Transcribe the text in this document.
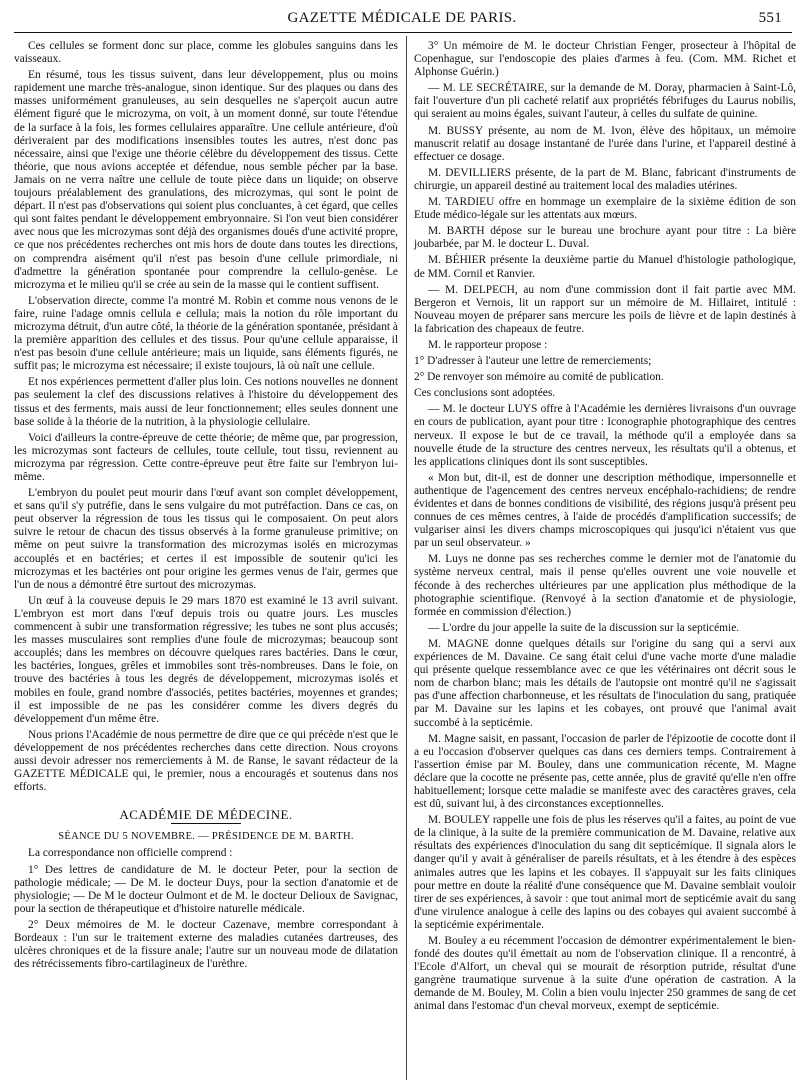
GAZETTE MÉDICALE DE PARIS.	551

Ces cellules se forment donc sur place, comme les globules sanguins dans les vaisseaux.

En résumé, tous les tissus suivent, dans leur développement, plus ou moins rapidement une marche très-analogue, sinon identique. Sur des plaques ou dans des masses uniformément granuleuses, au sein desquelles ne s'aperçoit aucun autre élément figuré que le microzyma, on voit, à un moment donné, sur toute l'étendue de la surface à la fois, les formes cellulaires apparaître. Une cellule antérieure, d'où dériveraient par des modifications insensibles toutes les autres, n'est donc pas nécessaire, ainsi que l'exige une théorie célèbre du développement des tissus. Cette théorie, que nous avions acceptée et défendue, nous semble pécher par la base. Jamais on ne verra naître une cellule de toute pièce dans un liquide; on observe toujours préalablement des granulations, des microzymas, qui sont le point de départ. Il n'est pas d'observations qui soient plus concluantes, à cet égard, que celles qui sont faites pendant le développement embryonnaire. Si l'on veut bien considérer avec nous que les microzymas sont déjà des organismes doués d'une activité propre, ce que nos précédentes recherches ont mis hors de doute dans toutes les directions, on comprendra aisément qu'il n'est pas besoin d'une cellule primordiale, ni d'admettre la génération spontanée pour comprendre la cellulo-genèse. Le microzyma et le milieu qu'il se crée au sein de la masse qui le contient suffisent.

L'observation directe, comme l'a montré M. Robin et comme nous venons de le faire, ruine l'adage omnis cellula e cellula; mais la notion du rôle important du microzyma détruit, d'un autre côté, la théorie de la génération spontanée, présidant à la première apparition des cellules et des tissus. Pour qu'une cellule apparaisse, il n'est pas besoin d'une cellule antérieure; mais un liquide, sans éléments figurés, ne suffit pas; le microzyma est nécessaire; il existe toujours, là où naît une cellule.

Et nos expériences permettent d'aller plus loin. Ces notions nouvelles ne donnent pas seulement la clef des discussions relatives à l'histoire du développement des tissus et des ferments, mais aussi de leur fonctionnement; elles seules donnent une base solide à la théorie de la nutrition, à la physiologie cellulaire.

Voici d'ailleurs la contre-épreuve de cette théorie; de même que, par progression, les microzymas sont facteurs de cellules, toute cellule, tout tissu, reviennent au microzyma par régression. Cette contre-épreuve peut être faite sur l'embryon lui-même.

L'embryon du poulet peut mourir dans l'œuf avant son complet développement, et sans qu'il s'y putréfie, dans le sens vulgaire du mot putréfaction. Dans ce cas, on peut observer la régression de tous les tissus qui le composaient. On peut alors suivre le retour de chacun des tissus observés à la forme granuleuse primitive; on même on peut suivre la transformation des microzymas isolés en microzymas accouplés et en bactéries; et certes il est impossible de soutenir qu'ici les microzymas et les bactéries ont pour origine les germes venus de l'air, germes que l'un de nous a démontré être surtout des microzymas.

Un œuf à la couveuse depuis le 29 mars 1870 est examiné le 13 avril suivant. L'embryon est mort dans l'œuf depuis trois ou quatre jours. Les muscles commencent à subir une transformation régressive; les tubes ne sont plus accusés; les masses musculaires sont remplies d'une foule de microzymas; beaucoup sont accouplés; dans les membres on découvre quelques rares bactéries. Dans le cœur, les bactéries, longues, grêles et immobiles sont très-nombreuses. Dans le foie, on trouve des bactéries à tous les degrés de développement, microzymas isolés et mobiles en foule, grand nombre d'associés, petites bactéries, moyennes et grandes; il est impossible de ne pas les considérer comme les divers degrés du développement d'un même être.

Nous prions l'Académie de nous permettre de dire que ce qui précède n'est que le développement de nos précédentes recherches dans cette direction. Nous croyons aussi devoir adresser nos remerciements à M. de Ranse, le savant rédacteur de la GAZETTE MÉDICALE qui, le premier, nous a encouragés et soutenus dans nos efforts.

ACADÉMIE DE MÉDECINE.
SÉANCE DU 5 NOVEMBRE. — PRÉSIDENCE DE M. BARTH.

La correspondance non officielle comprend :

1° Des lettres de candidature de M. le docteur Peter, pour la section de pathologie médicale; — De M. le docteur Duys, pour la section d'anatomie et de physiologie; — De M le docteur Oulmont et de M. le docteur Delioux de Savignac, pour la section de thérapeutique et d'histoire naturelle médicale.

2° Deux mémoires de M. le docteur Cazenave, membre correspondant à Bordeaux : l'un sur le traitement externe des maladies cutanées dartreuses, des ulcères chroniques et de la fissure anale; l'autre sur un nouveau mode de dilatation des rétrécissements fibro-cartilagineux de l'urèthre.

3° Un mémoire de M. le docteur Christian Fenger, prosecteur à l'hôpital de Copenhague, sur l'endoscopie des plaies d'armes à feu. (Com. MM. Richet et Alphonse Guérin.)

— M. LE SECRÉTAIRE, sur la demande de M. Doray, pharmacien à Saint-Lô, fait l'ouverture d'un pli cacheté relatif aux propriétés fébrifuges du Laurus nobilis, qui seraient au moins égales, suivant l'auteur, à celles du sulfate de quinine.

M. BUSSY présente, au nom de M. Ivon, élève des hôpitaux, un mémoire manuscrit relatif au dosage instantané de l'urée dans l'urine, et l'appareil destiné à effectuer ce dosage.

M. DEVILLIERS présente, de la part de M. Blanc, fabricant d'instruments de chirurgie, un appareil destiné au traitement local des maladies utérines.

M. TARDIEU offre en hommage un exemplaire de la sixième édition de son Etude médico-légale sur les attentats aux mœurs.

M. BARTH dépose sur le bureau une brochure ayant pour titre : La bière joubarbée, par M. le docteur L. Duval.

M. BÉHIER présente la deuxième partie du Manuel d'histologie pathologique, de MM. Cornil et Ranvier.

— M. DELPECH, au nom d'une commission dont il fait partie avec MM. Bergeron et Vernois, lit un rapport sur un mémoire de M. Hillairet, intitulé : Nouveau moyen de préparer sans mercure les poils de lièvre et de lapin destinés à la fabrication des chapeaux de feutre.

M. le rapporteur propose :

1° D'adresser à l'auteur une lettre de remerciements;

2° De renvoyer son mémoire au comité de publication.

Ces conclusions sont adoptées.

— M. le docteur LUYS offre à l'Académie les dernières livraisons d'un ouvrage en cours de publication, ayant pour titre : Iconographie photographique des centres nerveux. Il expose le but de ce travail, la méthode qu'il a employée dans sa nouvelle étude de la structure des centres nerveux, les résultats qu'il a obtenus, et les applications cliniques dont ils sont susceptibles.

« Mon but, dit-il, est de donner une description méthodique, impersonnelle et authentique de l'agencement des centres nerveux encéphalo-rachidiens; de rendre évidentes et dans de bonnes conditions de visibilité, des régions jusqu'à présent peu connues de ces mêmes centres, à l'aide de procédés d'amplification successifs; de vulgariser ainsi les divers champs microscopiques qui jusqu'ici n'étaient vus que par un seul observateur. »

M. Luys ne donne pas ses recherches comme le dernier mot de l'anatomie du système nerveux central, mais il pense qu'elles ouvrent une voie nouvelle et féconde à des recherches ultérieures par une application plus méthodique de la photographie scientifique. (Renvoyé à la section d'anatomie et de physiologie, formée en commission d'élection.)

— L'ordre du jour appelle la suite de la discussion sur la septicémie.

M. MAGNE donne quelques détails sur l'origine du sang qui a servi aux expériences de M. Davaine. Ce sang était celui d'une vache morte d'une maladie qui présente quelque ressemblance avec ce que les vétérinaires ont décrit sous le nom de charbon blanc; mais les détails de l'autopsie ont montré qu'il ne s'agissait pas d'une affection charbonneuse, et les résultats de l'inoculation du sang, pratiquée par M. Davaine sur les lapins et les cobayes, ont prouvé que l'animal avait succombé à la septicémie.

M. Magne saisit, en passant, l'occasion de parler de l'épizootie de cocotte dont il a eu l'occasion d'observer quelques cas dans ces derniers temps. Contrairement à l'assertion émise par M. Bouley, dans une communication récente, M. Magne déclare que la cocotte ne présente pas, cette année, plus de gravité qu'elle n'en offre habituellement; lorsque cette maladie se manifeste avec des caractères graves, cela est dû, suivant lui, à des circonstances exceptionnelles.

M. BOULEY rappelle une fois de plus les réserves qu'il a faites, au point de vue de la clinique, à la suite de la première communication de M. Davaine, relative aux résultats des expériences d'inoculation du sang dit septicémique. Il signala alors le danger qu'il y avait à généraliser de pareils résultats, et à les étendre à des espèces animales autres que les lapins et les cobayes. Il s'appuyait sur les faits cliniques pour mettre en doute la réalité d'une conséquence que M. Davaine semblait vouloir tirer de ses expériences, à savoir : que tout animal mort de septicémie avait du sang d'une virulence analogue à celle des lapins ou des cobayes qui avaient succombé à la septicémie expérimentale.

M. Bouley a eu récemment l'occasion de démontrer expérimentalement le bien-fondé des doutes qu'il émettait au nom de l'observation clinique. Il a rencontré, à l'Ecole d'Alfort, un cheval qui se mourait de résorption putride, résultat d'une gangrène traumatique survenue à la suite d'une opération de castration. A la demande de M. Bouley, M. Colin a bien voulu injecter 250 grammes de sang de cet animal dans l'estomac d'un cheval morveux, exempt de septicémie.
